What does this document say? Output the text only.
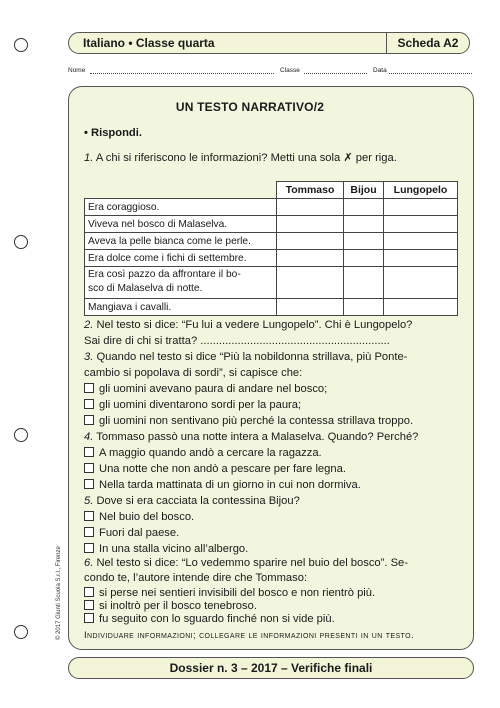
Italiano • Classe quarta	Scheda A2
Nome	Classe	Data
UN TESTO NARRATIVO/2
• Rispondi.
1. A chi si riferiscono le informazioni? Metti una sola ✗ per riga.
	Tommaso	Bijou	Lungopelo
Era coraggioso.			
Viveva nel bosco di Malaselva.			
Aveva la pelle bianca come le perle.			
Era dolce come i fichi di settembre.			
Era così pazzo da affrontare il bo-
sco di Malaselva di notte.			
Mangiava i cavalli.			
2. Nel testo si dice: “Fu lui a vedere Lungopelo”. Chi è Lungopelo?
Sai dire di chi si tratta? .............................................................
3. Quando nel testo si dice “Più la nobildonna strillava, più Ponte-
cambio si popolava di sordi”, si capisce che:
gli uomini avevano paura di andare nel bosco;
gli uomini diventarono sordi per la paura;
gli uomini non sentivano più perché la contessa strillava troppo.
4. Tommaso passò una notte intera a Malaselva. Quando? Perché?
A maggio quando andò a cercare la ragazza.
Una notte che non andò a pescare per fare legna.
Nella tarda mattinata di un giorno in cui non dormiva.
5. Dove si era cacciata la contessina Bijou?
Nel buio del bosco.
Fuori dal paese.
In una stalla vicino all’albergo.
6. Nel testo si dice: “Lo vedemmo sparire nel buio del bosco”. Se-
condo te, l’autore intende dire che Tommaso:
si perse nei sentieri invisibili del bosco e non rientrò più.
si inoltrò per il bosco tenebroso.
Individuare informazioni; collegare le informazioni presenti in un testo.
© 2017 Giunti Scuola S.r.l., Firenze
Dossier n. 3 – 2017 – Verifiche finali
fu seguito con lo sguardo finché non si vide più.
